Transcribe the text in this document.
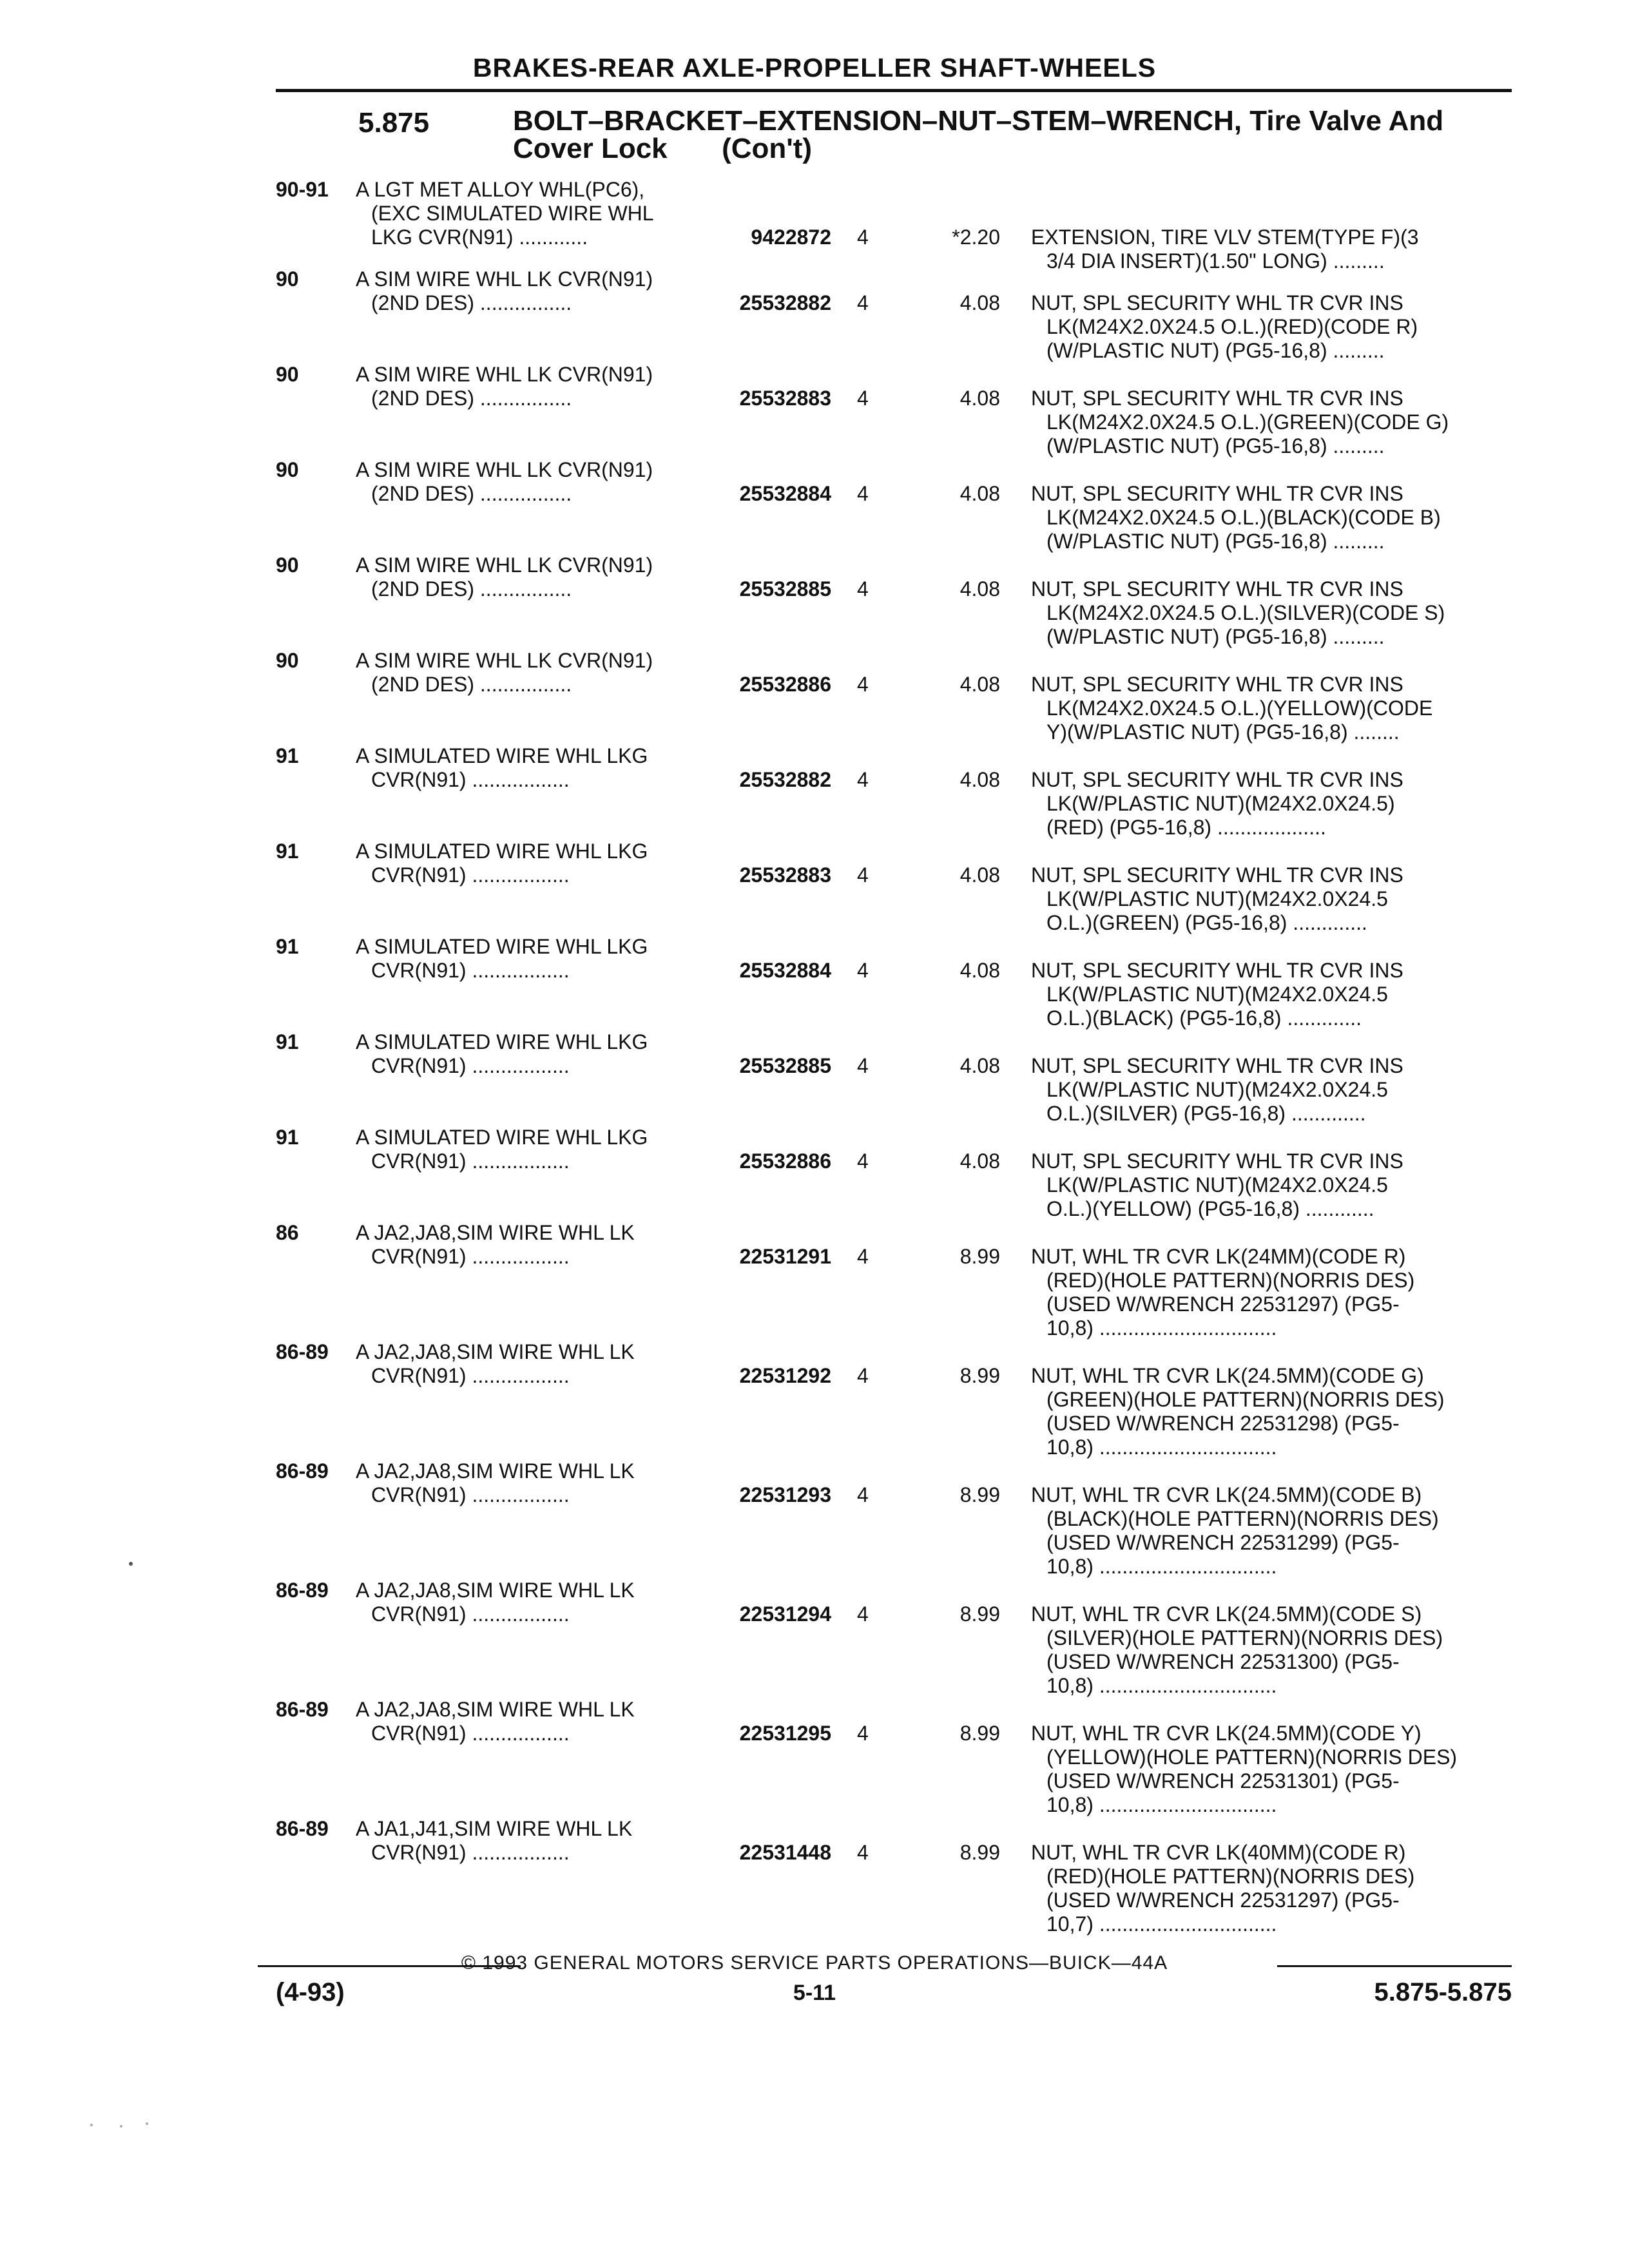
BRAKES-REAR AXLE-PROPELLER SHAFT-WHEELS
5.875	BOLT–BRACKET–EXTENSION–NUT–STEM–WRENCH, Tire Valve And
Cover Lock (Con't)
90-91 A LGT MET ALLOY WHL(PC6),
(EXC SIMULATED WIRE WHL
LKG CVR(N91) ............	9422872 4	*2.20 EXTENSION, TIRE VLV STEM(TYPE F)(3
3/4 DIA INSERT)(1.50" LONG) .........
90	A SIM WIRE WHL LK CVR(N91)
(2ND DES) ................	25532882 4	4.08 NUT, SPL SECURITY WHL TR CVR INS
LK(M24X2.0X24.5 O.L.)(RED)(CODE R)
(W/PLASTIC NUT) (PG5-16,8) .........
90	A SIM WIRE WHL LK CVR(N91)
(2ND DES) ................	25532883 4	4.08 NUT, SPL SECURITY WHL TR CVR INS
LK(M24X2.0X24.5 O.L.)(GREEN)(CODE G)
(W/PLASTIC NUT) (PG5-16,8) .........
90	A SIM WIRE WHL LK CVR(N91)
(2ND DES) ................	25532884 4	4.08 NUT, SPL SECURITY WHL TR CVR INS
LK(M24X2.0X24.5 O.L.)(BLACK)(CODE B)
(W/PLASTIC NUT) (PG5-16,8) .........
90	A SIM WIRE WHL LK CVR(N91)
(2ND DES) ................	25532885 4	4.08 NUT, SPL SECURITY WHL TR CVR INS
LK(M24X2.0X24.5 O.L.)(SILVER)(CODE S)
(W/PLASTIC NUT) (PG5-16,8) .........
90	A SIM WIRE WHL LK CVR(N91)
(2ND DES) ................	25532886 4	4.08 NUT, SPL SECURITY WHL TR CVR INS
LK(M24X2.0X24.5 O.L.)(YELLOW)(CODE
Y)(W/PLASTIC NUT) (PG5-16,8) ........
91	A SIMULATED WIRE WHL LKG
CVR(N91) .................	25532882 4	4.08 NUT, SPL SECURITY WHL TR CVR INS
LK(W/PLASTIC NUT)(M24X2.0X24.5)
(RED) (PG5-16,8) ...................
91	A SIMULATED WIRE WHL LKG
CVR(N91) .................	25532883 4	4.08 NUT, SPL SECURITY WHL TR CVR INS
LK(W/PLASTIC NUT)(M24X2.0X24.5
O.L.)(GREEN) (PG5-16,8) .............
91	A SIMULATED WIRE WHL LKG
CVR(N91) .................	25532884 4	4.08 NUT, SPL SECURITY WHL TR CVR INS
LK(W/PLASTIC NUT)(M24X2.0X24.5
O.L.)(BLACK) (PG5-16,8) .............
91	A SIMULATED WIRE WHL LKG
CVR(N91) .................	25532885 4	4.08 NUT, SPL SECURITY WHL TR CVR INS
LK(W/PLASTIC NUT)(M24X2.0X24.5
O.L.)(SILVER) (PG5-16,8) .............
91	A SIMULATED WIRE WHL LKG
CVR(N91) .................	25532886 4	4.08 NUT, SPL SECURITY WHL TR CVR INS
LK(W/PLASTIC NUT)(M24X2.0X24.5
O.L.)(YELLOW) (PG5-16,8) ............
86	A JA2,JA8,SIM WIRE WHL LK
CVR(N91) .................	22531291 4	8.99 NUT, WHL TR CVR LK(24MM)(CODE R)
(RED)(HOLE PATTERN)(NORRIS DES)
(USED W/WRENCH 22531297) (PG5-
10,8) ...............................
86-89 A JA2,JA8,SIM WIRE WHL LK
CVR(N91) .................	22531292 4	8.99 NUT, WHL TR CVR LK(24.5MM)(CODE G)
(GREEN)(HOLE PATTERN)(NORRIS DES)
(USED W/WRENCH 22531298) (PG5-
10,8) ...............................
86-89 A JA2,JA8,SIM WIRE WHL LK
CVR(N91) .................	22531293 4	8.99 NUT, WHL TR CVR LK(24.5MM)(CODE B)
(BLACK)(HOLE PATTERN)(NORRIS DES)
(USED W/WRENCH 22531299) (PG5-
10,8) ...............................
86-89 A JA2,JA8,SIM WIRE WHL LK
CVR(N91) .................	22531294 4	8.99 NUT, WHL TR CVR LK(24.5MM)(CODE S)
(SILVER)(HOLE PATTERN)(NORRIS DES)
(USED W/WRENCH 22531300) (PG5-
10,8) ...............................
86-89 A JA2,JA8,SIM WIRE WHL LK
CVR(N91) .................	22531295 4	8.99 NUT, WHL TR CVR LK(24.5MM)(CODE Y)
(YELLOW)(HOLE PATTERN)(NORRIS DES)
(USED W/WRENCH 22531301) (PG5-
10,8) ...............................
86-89 A JA1,J41,SIM WIRE WHL LK
CVR(N91) .................	22531448 4	8.99 NUT, WHL TR CVR LK(40MM)(CODE R)
(RED)(HOLE PATTERN)(NORRIS DES)
(USED W/WRENCH 22531297) (PG5-
10,7) ...............................
© 1993 GENERAL MOTORS SERVICE PARTS OPERATIONS—BUICK—44A
(4-93)	5-11	5.875-5.875
